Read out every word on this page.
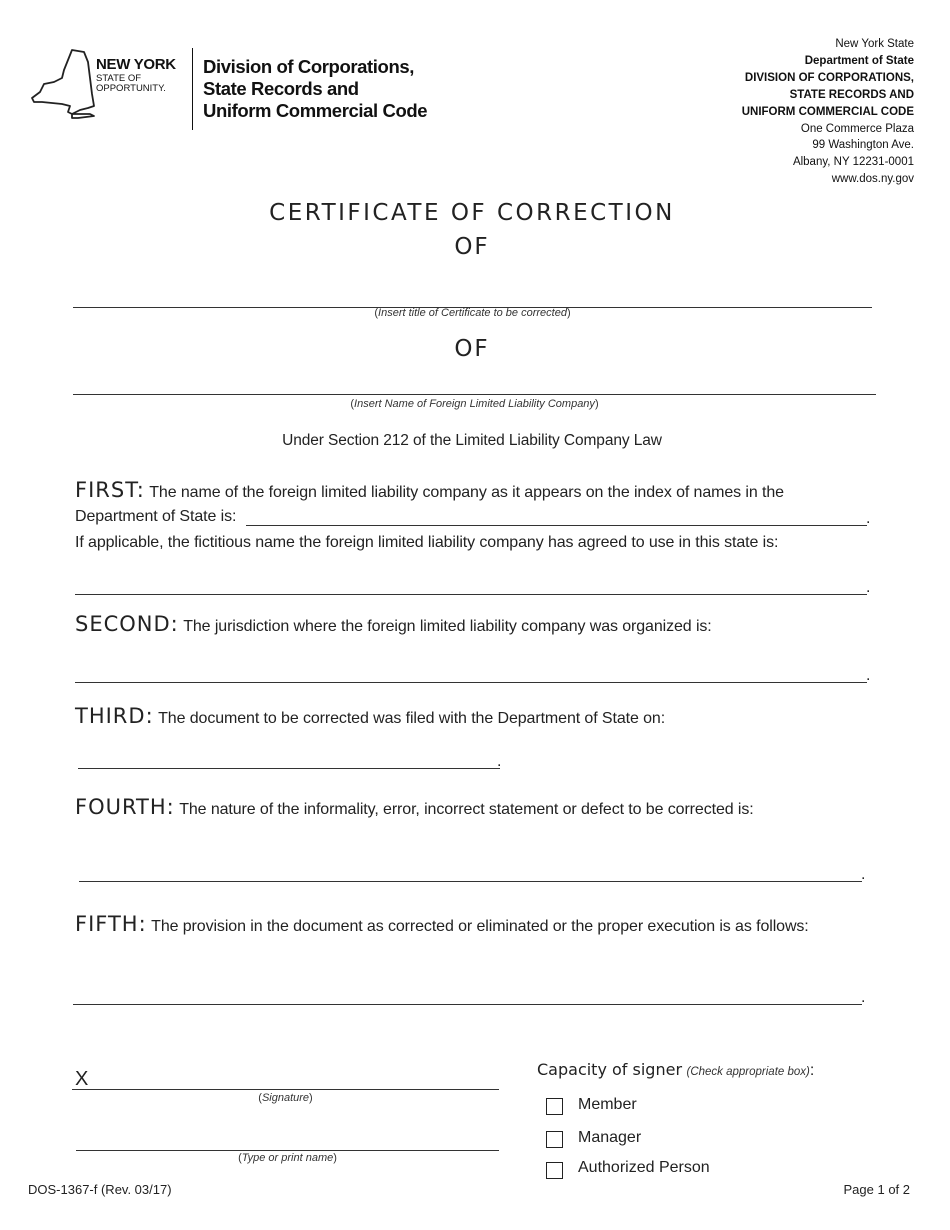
NEW YORK
STATE OF
OPPORTUNITY.
Division of Corporations,
State Records and
Uniform Commercial Code
New York State
Department of State
DIVISION OF CORPORATIONS,
STATE RECORDS AND
UNIFORM COMMERCIAL CODE
One Commerce Plaza
99 Washington Ave.
Albany, NY 12231-0001
www.dos.ny.gov
CERTIFICATE OF CORRECTION
OF
(Insert title of Certificate to be corrected)
OF
(Insert Name of Foreign Limited Liability Company)
Under Section 212 of the Limited Liability Company Law
FIRST: The name of the foreign limited liability company as it appears on the index of names in the
Department of State is:	.
If applicable, the fictitious name the foreign limited liability company has agreed to use in this state is:
.
SECOND: The jurisdiction where the foreign limited liability company was organized is:
.
THIRD: The document to be corrected was filed with the Department of State on:
.
FOURTH: The nature of the informality, error, incorrect statement or defect to be corrected is:
.
FIFTH: The provision in the document as corrected or eliminated or the proper execution is as follows:
.
X
(Signature)
(Type or print name)
Capacity of signer (Check appropriate box):
Member
Manager
Authorized Person
DOS-1367-f (Rev. 03/17)	Page 1 of 2
